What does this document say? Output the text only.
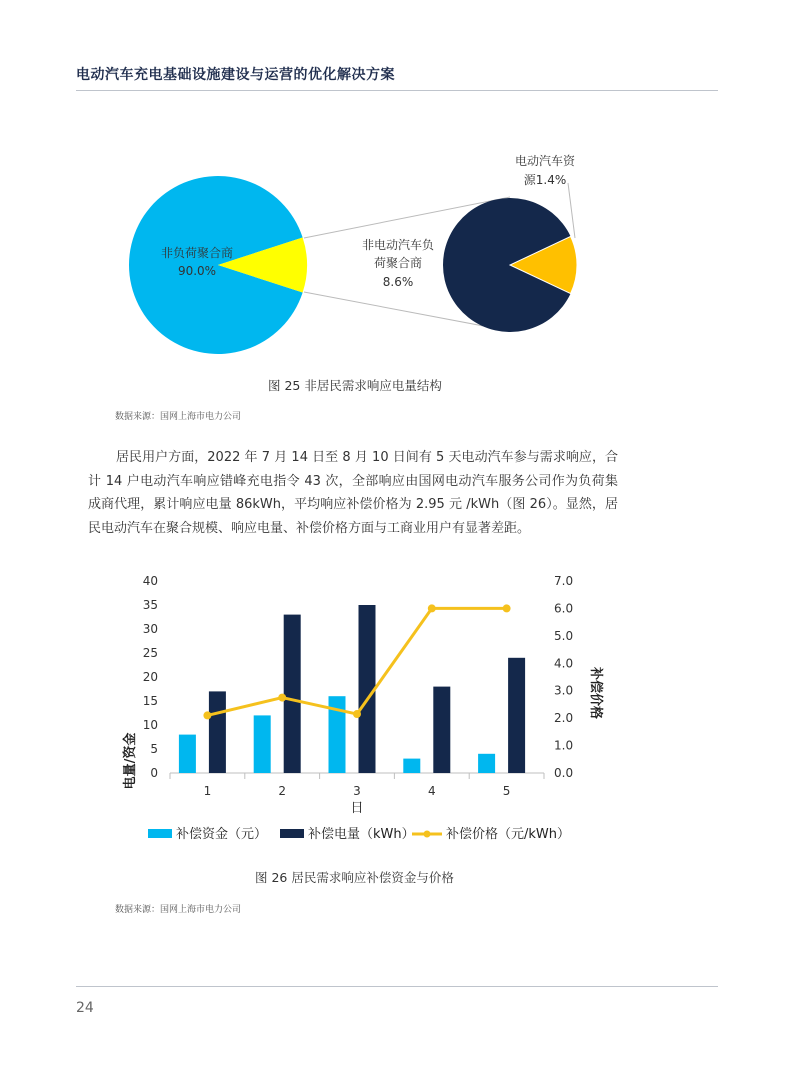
电动汽车充电基础设施建设与运营的优化解决方案
非负荷聚合商
90.0%
非电动汽车负
荷聚合商
8.6%
电动汽车资
源1.4%
图 25 非居民需求响应电量结构
数据来源：国网上海市电力公司
居民用户方面，2022 年 7 月 14 日至 8 月 10 日间有 5 天电动汽车参与需求响应，合计 14 户电动汽车响应错峰充电指令 43 次，全部响应由国网电动汽车服务公司作为负荷集成商代理，累计响应电量 86kWh，平均响应补偿价格为 2.95 元 /kWh（图 26）。显然，居民电动汽车在聚合规模、响应电量、补偿价格方面与工商业用户有显著差距。
0
5
10
15
20
25
30
35
40
0.0
1.0
2.0
3.0
4.0
5.0
6.0
7.0
1	2	3	4	5
电量/资金
补偿价格
日
补偿资金（元）	补偿电量（kWh） 补偿价格（元/kWh）
图 26 居民需求响应补偿资金与价格
数据来源：国网上海市电力公司
24
